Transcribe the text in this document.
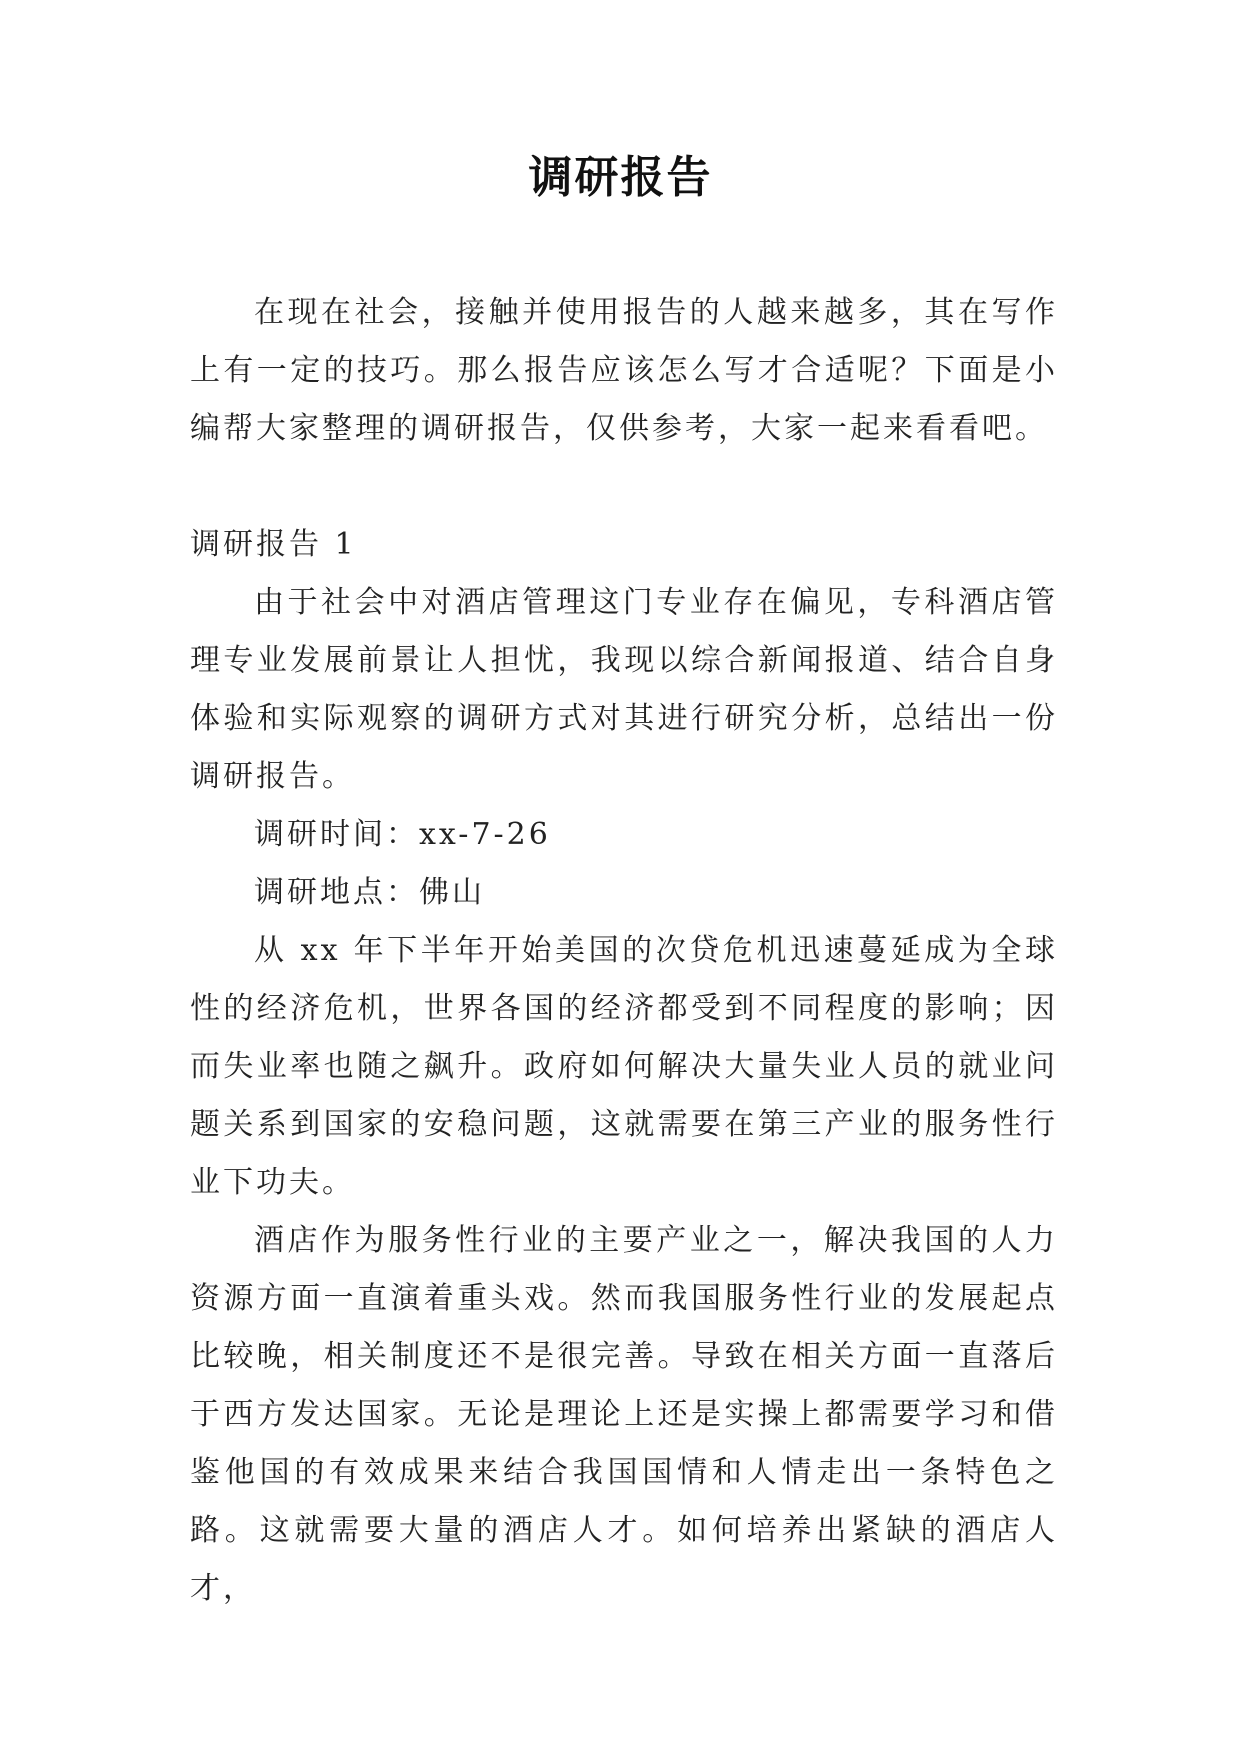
调研报告

在现在社会，接触并使用报告的人越来越多，其在写作上有一定的技巧。那么报告应该怎么写才合适呢？下面是小编帮大家整理的调研报告，仅供参考，大家一起来看看吧。

调研报告 1

由于社会中对酒店管理这门专业存在偏见，专科酒店管理专业发展前景让人担忧，我现以综合新闻报道、结合自身体验和实际观察的调研方式对其进行研究分析，总结出一份调研报告。

调研时间：xx-7-26

调研地点：佛山

从 xx 年下半年开始美国的次贷危机迅速蔓延成为全球性的经济危机，世界各国的经济都受到不同程度的影响；因而失业率也随之飙升。政府如何解决大量失业人员的就业问题关系到国家的安稳问题，这就需要在第三产业的服务性行业下功夫。

酒店作为服务性行业的主要产业之一，解决我国的人力资源方面一直演着重头戏。然而我国服务性行业的发展起点比较晚，相关制度还不是很完善。导致在相关方面一直落后于西方发达国家。无论是理论上还是实操上都需要学习和借鉴他国的有效成果来结合我国国情和人情走出一条特色之路。这就需要大量的酒店人才。如何培养出紧缺的酒店人才，
